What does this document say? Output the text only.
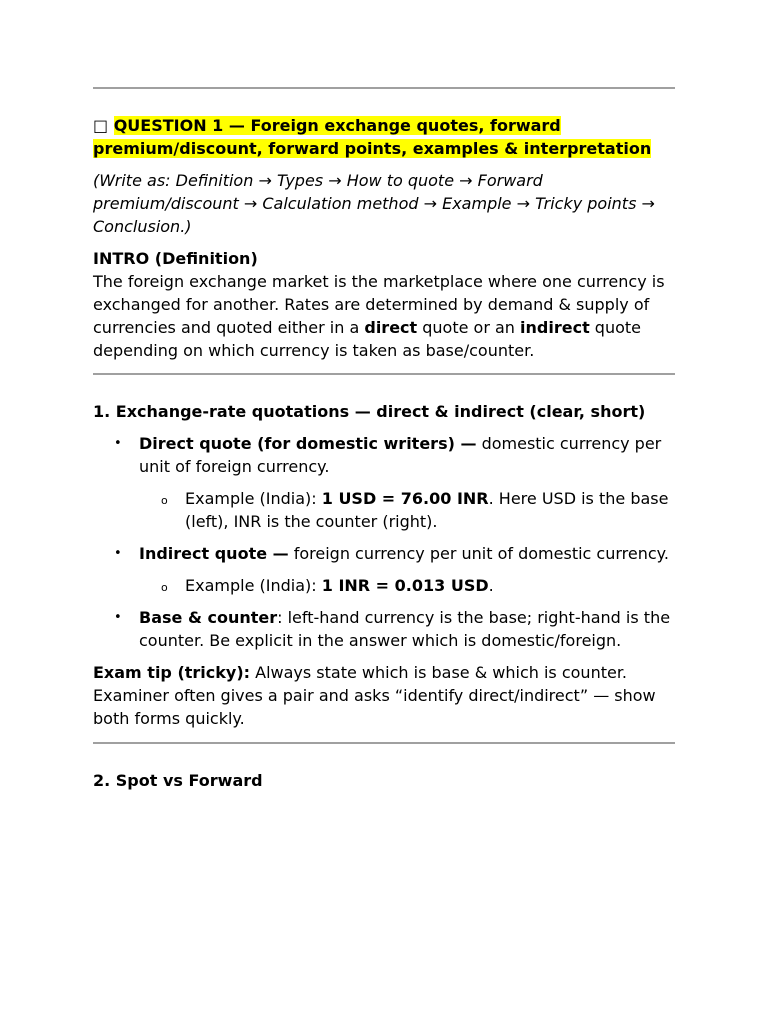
□ QUESTION 1 — Foreign exchange quotes, forward premium/discount, forward points, examples & interpretation
(Write as: Definition → Types → How to quote → Forward premium/discount → Calculation method → Example → Tricky points → Conclusion.)
INTRO (Definition)
The foreign exchange market is the marketplace where one currency is exchanged for another. Rates are determined by demand & supply of currencies and quoted either in a direct quote or an indirect quote depending on which currency is taken as base/counter.
1. Exchange-rate quotations — direct & indirect (clear, short)
• Direct quote (for domestic writers) — domestic currency per unit of foreign currency.
o Example (India): 1 USD = 76.00 INR. Here USD is the base (left), INR is the counter (right).
• Indirect quote — foreign currency per unit of domestic currency.
o Example (India): 1 INR = 0.013 USD.
• Base & counter: left-hand currency is the base; right-hand is the counter. Be explicit in the answer which is domestic/foreign.
Exam tip (tricky): Always state which is base & which is counter. Examiner often gives a pair and asks “identify direct/indirect” — show both forms quickly.
2. Spot vs Forward
